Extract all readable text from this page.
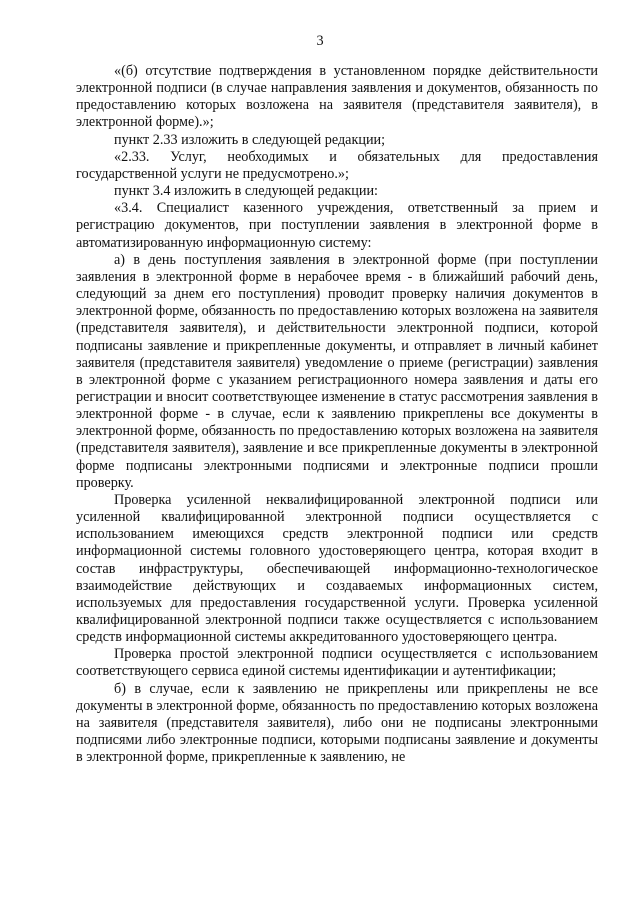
3

«(б) отсутствие подтверждения в установленном порядке действительности электронной подписи (в случае направления заявления и документов, обязанность по предоставлению которых возложена на заявителя (представителя заявителя), в электронной форме).»;

пункт 2.33 изложить в следующей редакции;

«2.33. Услуг, необходимых и обязательных для предоставления государственной услуги не предусмотрено.»;

пункт 3.4 изложить в следующей редакции:

«3.4. Специалист казенного учреждения, ответственный за прием и регистрацию документов, при поступлении заявления в электронной форме в автоматизированную информационную систему:

а) в день поступления заявления в электронной форме (при поступлении заявления в электронной форме в нерабочее время - в ближайший рабочий день, следующий за днем его поступления) проводит проверку наличия документов в электронной форме, обязанность по предоставлению которых возложена на заявителя (представителя заявителя), и действительности электронной подписи, которой подписаны заявление и прикрепленные документы, и отправляет в личный кабинет заявителя (представителя заявителя) уведомление о приеме (регистрации) заявления в электронной форме с указанием регистрационного номера заявления и даты его регистрации и вносит соответствующее изменение в статус рассмотрения заявления в электронной форме - в случае, если к заявлению прикреплены все документы в электронной форме, обязанность по предоставлению которых возложена на заявителя (представителя заявителя), заявление и все прикрепленные документы в электронной форме подписаны электронными подписями и электронные подписи прошли проверку.

Проверка усиленной неквалифицированной электронной подписи или усиленной квалифицированной электронной подписи осуществляется с использованием имеющихся средств электронной подписи или средств информационной системы головного удостоверяющего центра, которая входит в состав инфраструктуры, обеспечивающей информационно-технологическое взаимодействие действующих и создаваемых информационных систем, используемых для предоставления государственной услуги. Проверка усиленной квалифицированной электронной подписи также осуществляется с использованием средств информационной системы аккредитованного удостоверяющего центра.

Проверка простой электронной подписи осуществляется с использованием соответствующего сервиса единой системы идентификации и аутентификации;

б) в случае, если к заявлению не прикреплены или прикреплены не все документы в электронной форме, обязанность по предоставлению которых возложена на заявителя (представителя заявителя), либо они не подписаны электронными подписями либо электронные подписи, которыми подписаны заявление и документы в электронной форме, прикрепленные к заявлению, не
